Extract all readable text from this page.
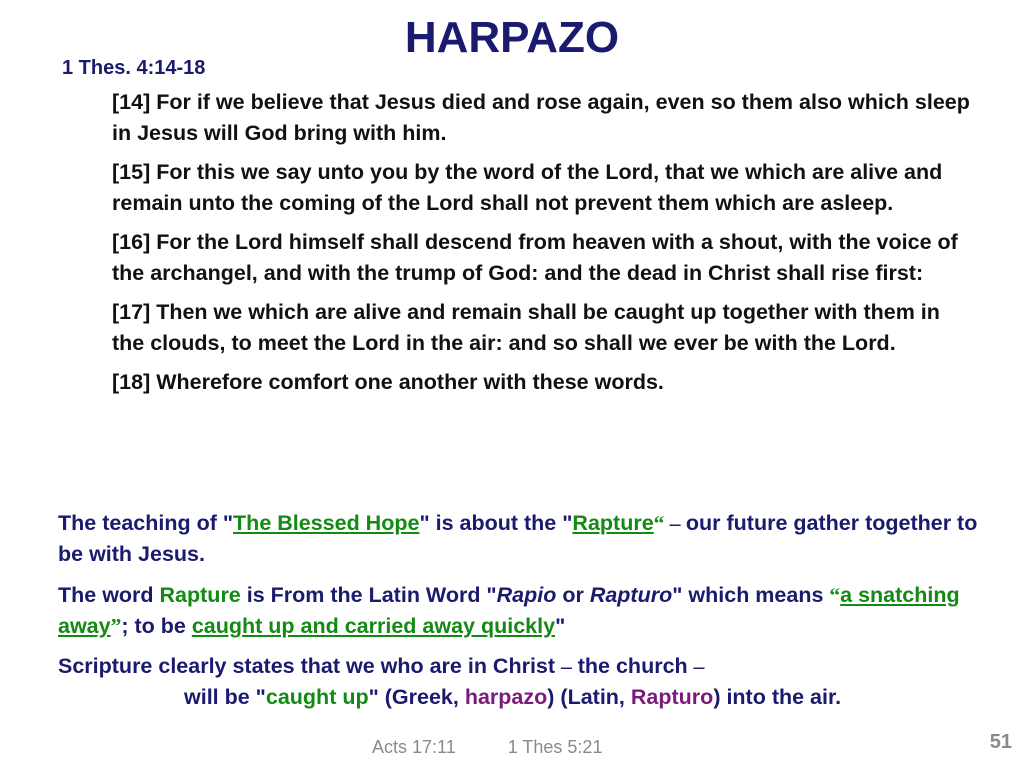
HARPAZO
1 Thes. 4:14-18

[14] For if we believe that Jesus died and rose again, even so them also which sleep in Jesus will God bring with him.

[15] For this we say unto you by the word of the Lord, that we which are alive and remain unto the coming of the Lord shall not prevent them which are asleep.

[16] For the Lord himself shall descend from heaven with a shout, with the voice of the archangel, and with the trump of God: and the dead in Christ shall rise first:

[17] Then we which are alive and remain shall be caught up together with them in the clouds, to meet the Lord in the air: and so shall we ever be with the Lord.

[18] Wherefore comfort one another with these words.

The teaching of "The Blessed Hope" is about the "Rapture“ – our future gather together to be with Jesus.
The word Rapture is From the Latin Word "Rapio or Rapturo" which means “a snatching away”; to be caught up and carried away quickly"
Scripture clearly states that we who are in Christ – the church –
will be "caught up" (Greek, harpazo) (Latin, Rapturo) into the air.
Acts 17:11	1 Thes 5:21	51
